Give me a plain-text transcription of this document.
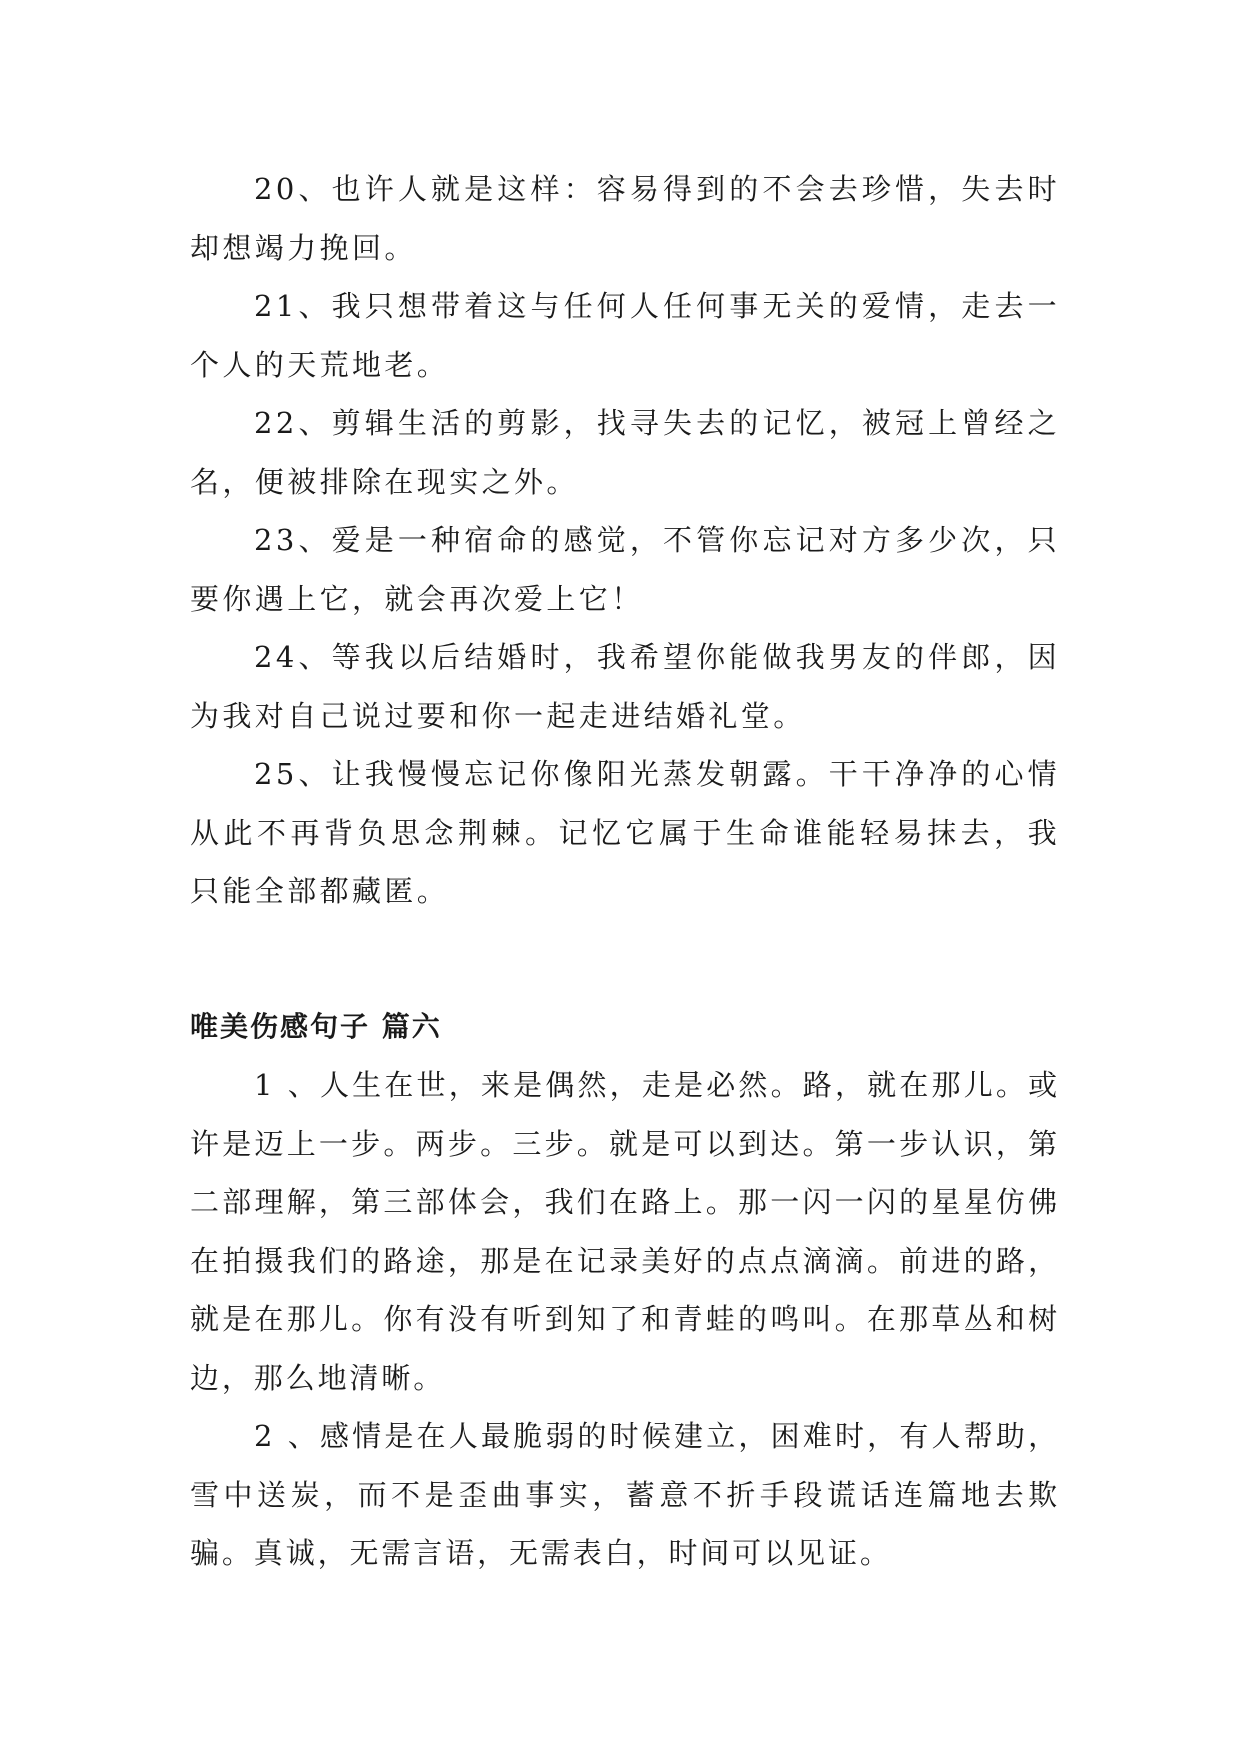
20、也许人就是这样：容易得到的不会去珍惜，失去时却想竭力挽回。

21、我只想带着这与任何人任何事无关的爱情，走去一个人的天荒地老。

22、剪辑生活的剪影，找寻失去的记忆，被冠上曾经之名，便被排除在现实之外。

23、爱是一种宿命的感觉，不管你忘记对方多少次，只要你遇上它，就会再次爱上它！

24、等我以后结婚时，我希望你能做我男友的伴郎，因为我对自己说过要和你一起走进结婚礼堂。

25、让我慢慢忘记你像阳光蒸发朝露。干干净净的心情从此不再背负思念荆棘。记忆它属于生命谁能轻易抹去，我只能全部都藏匿。

唯美伤感句子 篇六

1 、人生在世，来是偶然，走是必然。路，就在那儿。或许是迈上一步。两步。三步。就是可以到达。第一步认识，第二部理解，第三部体会，我们在路上。那一闪一闪的星星仿佛在拍摄我们的路途，那是在记录美好的点点滴滴。前进的路，就是在那儿。你有没有听到知了和青蛙的鸣叫。在那草丛和树边，那么地清晰。

2 、感情是在人最脆弱的时候建立，困难时，有人帮助，雪中送炭，而不是歪曲事实，蓄意不折手段谎话连篇地去欺骗。真诚，无需言语，无需表白，时间可以见证。
